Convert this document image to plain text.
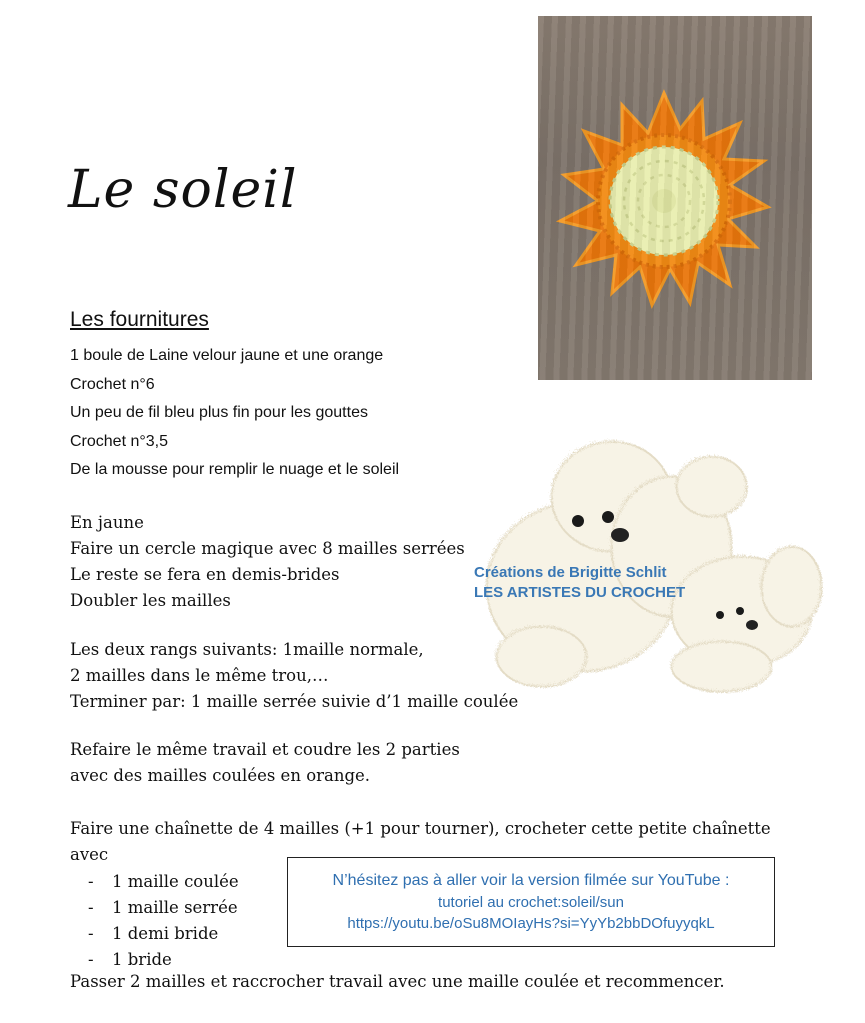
Le soleil
Les fournitures
1 boule de Laine velour jaune et une orange
Crochet n°6
Un peu de fil bleu plus fin pour les gouttes
Crochet n°3,5
De la mousse pour remplir le nuage et le soleil
Créations de Brigitte Schlit
LES ARTISTES DU CROCHET
En jaune
Faire un cercle magique avec 8 mailles serrées
Le reste se fera en demis-brides
Doubler les mailles
Les deux rangs suivants: 1maille normale,
2 mailles dans le même trou,…
Terminer par: 1 maille serrée suivie d’1 maille coulée
Refaire le même travail et coudre les 2 parties
avec des mailles coulées en orange.
Faire une chaînette de 4 mailles (+1 pour tourner), crocheter cette petite chaînette
avec
- 1 maille coulée
- 1 maille serrée
- 1 demi bride
- 1 bride
Passer 2 mailles et raccrocher travail avec une maille coulée et recommencer.
N’hésitez pas à aller voir la version filmée sur YouTube :
tutoriel au crochet:soleil/sun
https://youtu.be/oSu8MOIayHs?si=YyYb2bbDOfuyyqkL
